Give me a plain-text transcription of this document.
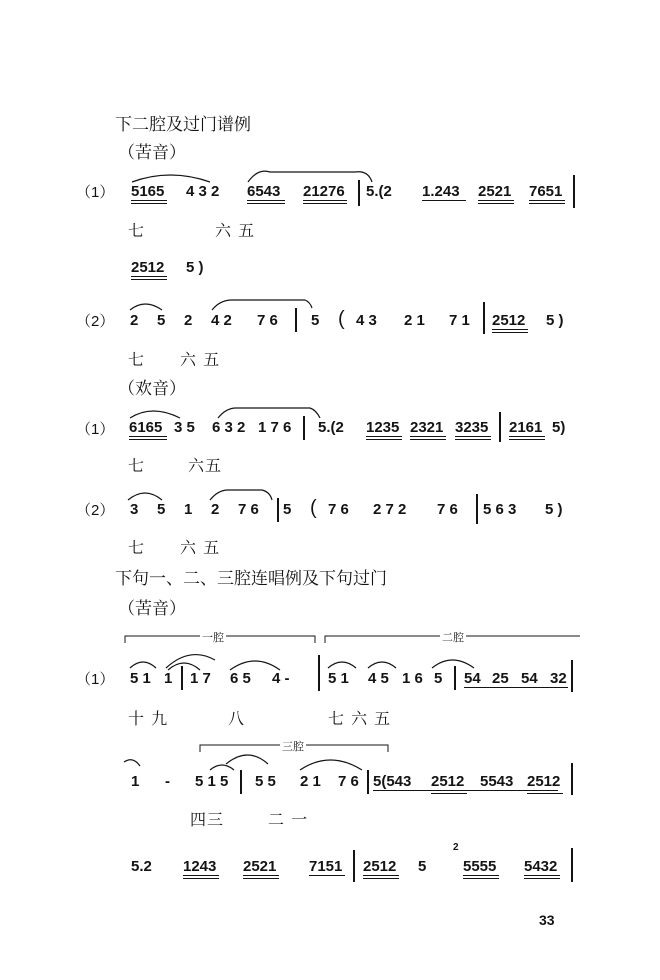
下二腔及过门谱例
（苦音）
（1） 5165 4 3 2 6543 21276 5.(2 1.243 2521 7651
七	六 五
2512 5 )
（2） 2 5 2 4 2 7 6 5 ( 4 3 2 1 7 1 2512 5 )
七 六 五
（欢音）
（1） 6165 3 5 6 3 2 1 7 6 5.(2 1235 2321 3235 2161 5)
七	六五
（2） 3 5 1 2 7 6 5 ( 7 6 2 7 2 7 6 5 6 3 5 )
七 六 五
下句一、二、三腔连唱例及下句过门
（苦音）
一腔	二腔
（1） 5 1 1 1 7 6 5 4 -	5 1 4 5 1 6 5 54 25 54 32
十 九	八	七 六 五
三腔
1 - 5 1 5 5 5 2 1 7 6 5(543 2512 5543 2512
四三	二 一
5.2 1243 2521 7151 2512 5
2
5555 5432
33
